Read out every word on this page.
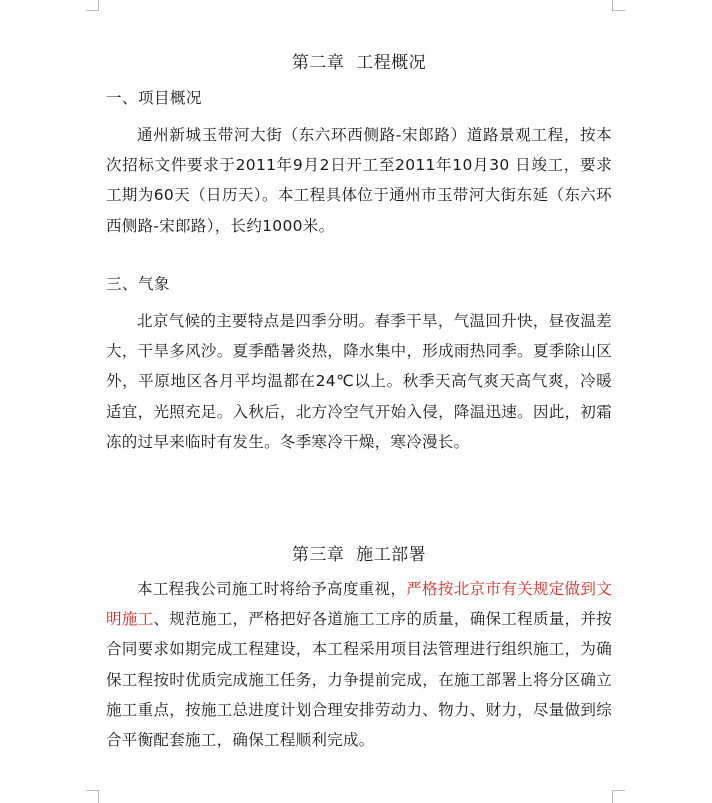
第二章  工程概况
一、项目概况
通州新城玉带河大街（东六环西侧路-宋郎路）道路景观工程，按本次招标文件要求于2011年9月2日开工至2011年10月30 日竣工，要求工期为60天（日历天）。本工程具体位于通州市玉带河大街东延（东六环西侧路-宋郎路），长约1000米。
三、气象
北京气候的主要特点是四季分明。春季干旱，气温回升快，昼夜温差大，干旱多风沙。夏季酷暑炎热，降水集中，形成雨热同季。夏季除山区外，平原地区各月平均温都在24℃以上。秋季天高气爽天高气爽，冷暖适宜，光照充足。入秋后，北方冷空气开始入侵，降温迅速。因此，初霜冻的过早来临时有发生。冬季寒冷干燥，寒冷漫长。
第三章  施工部署
本工程我公司施工时将给予高度重视，严格按北京市有关规定做到文明施工、规范施工，严格把好各道施工工序的质量，确保工程质量，并按合同要求如期完成工程建设，本工程采用项目法管理进行组织施工，为确保工程按时优质完成施工任务，力争提前完成，在施工部署上将分区确立施工重点，按施工总进度计划合理安排劳动力、物力、财力，尽量做到综合平衡配套施工，确保工程顺利完成。
